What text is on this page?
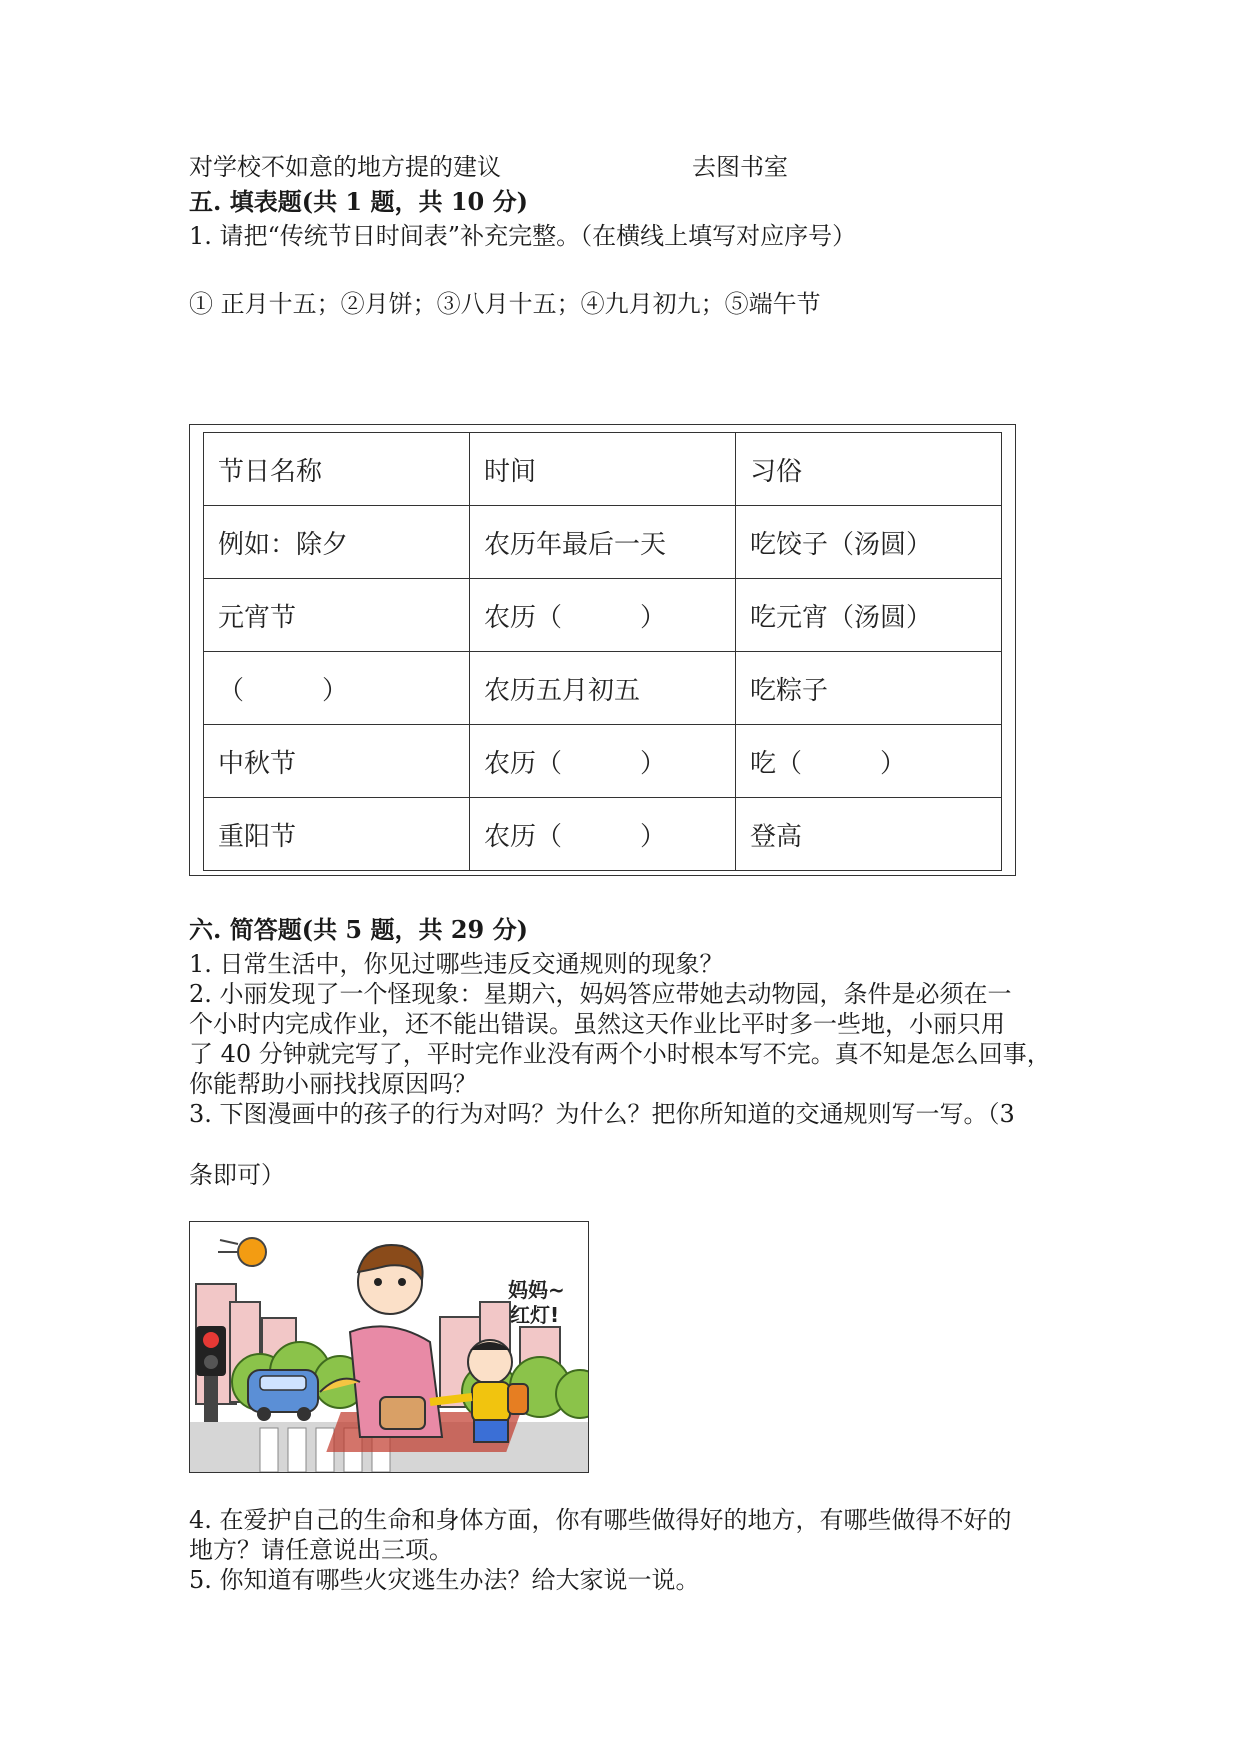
对学校不如意的地方提的建议	去图书室
五. 填表题(共 1 题，共 10 分)
1. 请把“传统节日时间表”补充完整。（在横线上填写对应序号）
① 正月十五；②月饼；③八月十五；④九月初九；⑤端午节
节日名称	时间	习俗
例如：除夕	农历年最后一天	吃饺子（汤圆）
元宵节	农历（　　　）	吃元宵（汤圆）
（　　　）	农历五月初五	吃粽子
中秋节	农历（　　　）	吃（　　　）
重阳节	农历（　　　）	登高
六. 简答题(共 5 题，共 29 分)
1. 日常生活中，你见过哪些违反交通规则的现象？
2. 小丽发现了一个怪现象：星期六，妈妈答应带她去动物园，条件是必须在一
个小时内完成作业，还不能出错误。虽然这天作业比平时多一些地，小丽只用
了 40 分钟就完写了，平时完作业没有两个小时根本写不完。真不知是怎么回事，
你能帮助小丽找找原因吗？
3. 下图漫画中的孩子的行为对吗？为什么？把你所知道的交通规则写一写。（3
条即可）
妈妈~
红灯!
4. 在爱护自己的生命和身体方面，你有哪些做得好的地方，有哪些做得不好的
地方？请任意说出三项。
5. 你知道有哪些火灾逃生办法？给大家说一说。
